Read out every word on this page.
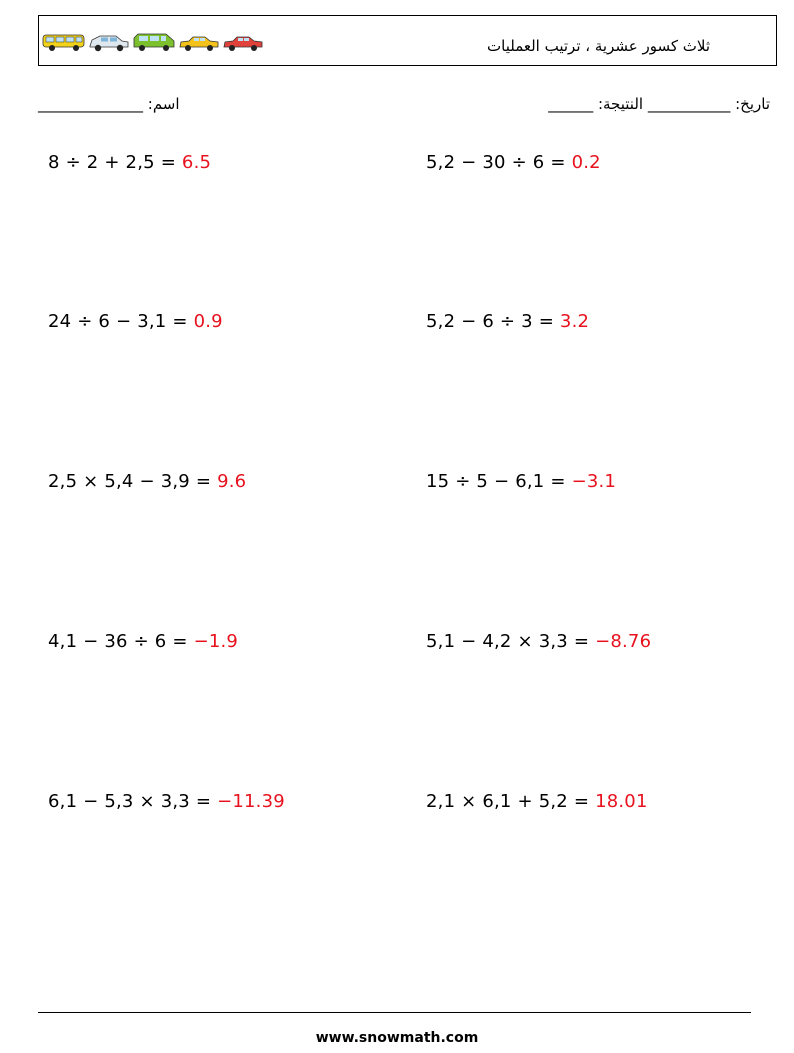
ثلاث كسور عشرية ، ترتيب العمليات
______________ :اسم	______ :تاريخ: ___________ النتيجة
8 ÷ 2 + 2,5 = 6.5	5,2 − 30 ÷ 6 = 0.2
24 ÷ 6 − 3,1 = 0.9	5,2 − 6 ÷ 3 = 3.2
2,5 × 5,4 − 3,9 = 9.6	15 ÷ 5 − 6,1 = −3.1
4,1 − 36 ÷ 6 = −1.9	5,1 − 4,2 × 3,3 = −8.76
6,1 − 5,3 × 3,3 = −11.39	2,1 × 6,1 + 5,2 = 18.01
www.snowmath.com
